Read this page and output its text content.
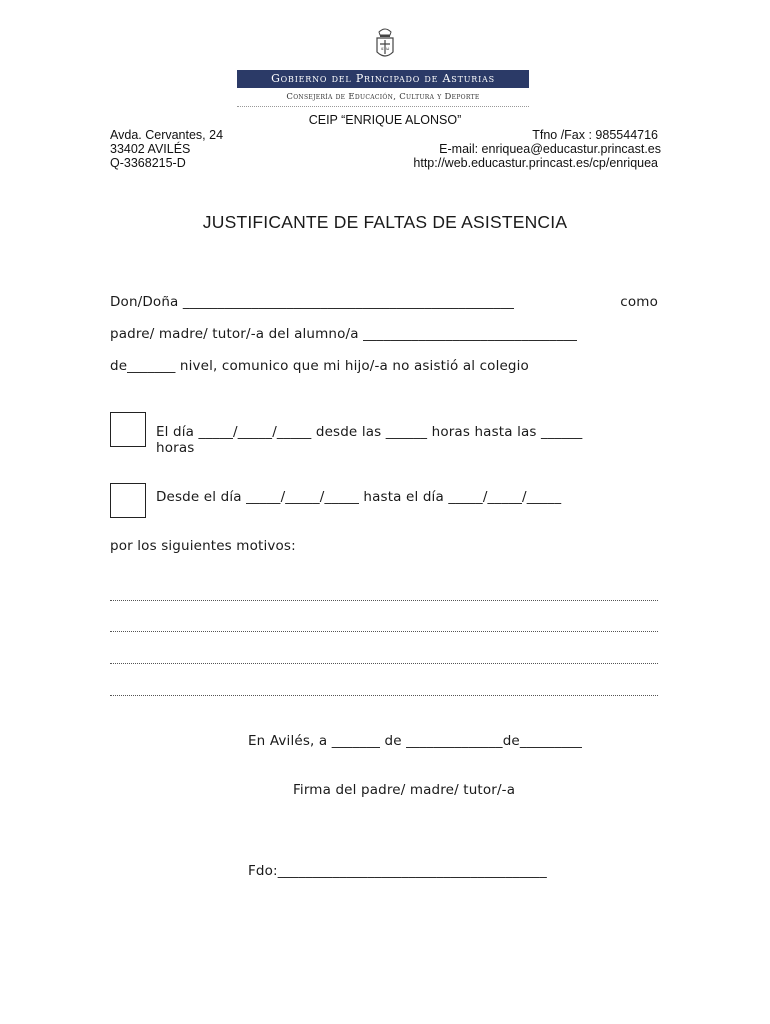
α ω
Gobierno del Principado de Asturias
Consejería de Educación, Cultura y Deporte
CEIP “ENRIQUE ALONSO”
Avda. Cervantes, 24
33402 AVILÉS
Q-3368215-D
Tfno /Fax : 985544716
E-mail: enriquea@educastur.princast.es
http://web.educastur.princast.es/cp/enriquea
JUSTIFICANTE DE FALTAS DE ASISTENCIA
Don/Doña ________________________________________________	como
padre/ madre/ tutor/-a del alumno/a _______________________________
de_______ nivel, comunico que mi hijo/-a no asistió al colegio
El día _____/_____/_____ desde las ______ horas hasta las ______
horas
Desde el día _____/_____/_____ hasta el día _____/_____/_____
por los siguientes motivos:
En Avilés, a _______ de ______________de_________
Firma del padre/ madre/ tutor/-a
Fdo:_______________________________________
